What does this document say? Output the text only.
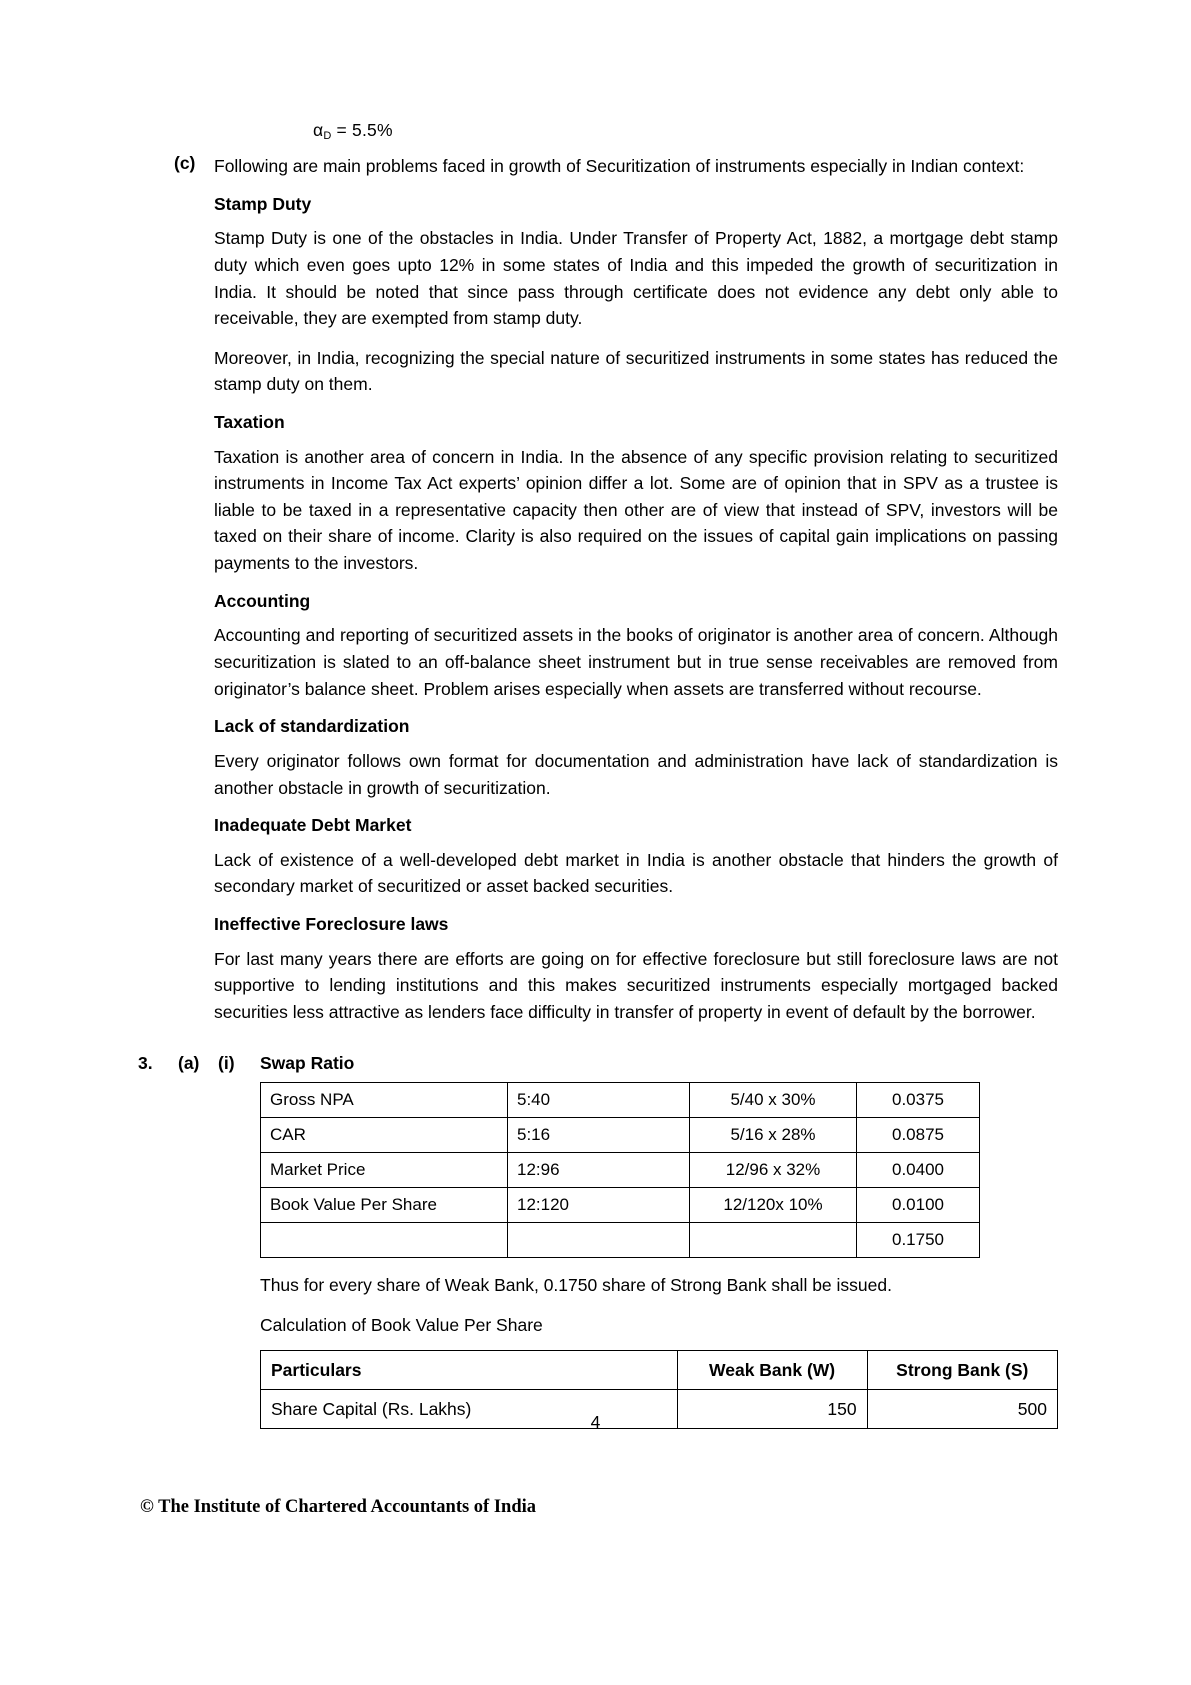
$\alpha_D = 5.5\%$
(c)	Following are main problems faced in growth of Securitization of instruments especially in Indian context:

Stamp Duty

Stamp Duty is one of the obstacles in India. Under Transfer of Property Act, 1882, a mortgage debt stamp duty which even goes upto 12% in some states of India and this impeded the growth of securitization in India. It should be noted that since pass through certificate does not evidence any debt only able to receivable, they are exempted from stamp duty.

Moreover, in India, recognizing the special nature of securitized instruments in some states has reduced the stamp duty on them.

Taxation

Taxation is another area of concern in India. In the absence of any specific provision relating to securitized instruments in Income Tax Act experts’ opinion differ a lot. Some are of opinion that in SPV as a trustee is liable to be taxed in a representative capacity then other are of view that instead of SPV, investors will be taxed on their share of income. Clarity is also required on the issues of capital gain implications on passing payments to the investors.

Accounting

Accounting and reporting of securitized assets in the books of originator is another area of concern. Although securitization is slated to an off-balance sheet instrument but in true sense receivables are removed from originator’s balance sheet. Problem arises especially when assets are transferred without recourse.

Lack of standardization

Every originator follows own format for documentation and administration have lack of standardization is another obstacle in growth of securitization.

Inadequate Debt Market

Lack of existence of a well-developed debt market in India is another obstacle that hinders the growth of secondary market of securitized or asset backed securities.

Ineffective Foreclosure laws

For last many years there are efforts are going on for effective foreclosure but still foreclosure laws are not supportive to lending institutions and this makes securitized instruments especially mortgaged backed securities less attractive as lenders face difficulty in transfer of property in event of default by the borrower.

3.	(a)	(i)	Swap Ratio
Gross NPA	5:40	5/40 x 30%	0.0375
CAR	5:16	5/16 x 28%	0.0875
Market Price	12:96	12/96 x 32%	0.0400
Book Value Per Share	12:120	12/120x 10%	0.0100
			0.1750

Thus for every share of Weak Bank, 0.1750 share of Strong Bank shall be issued.

Calculation of Book Value Per Share

Particulars	Weak Bank (W)	Strong Bank (S)
Share Capital (Rs. Lakhs)	150	500
4
© The Institute of Chartered Accountants of India
